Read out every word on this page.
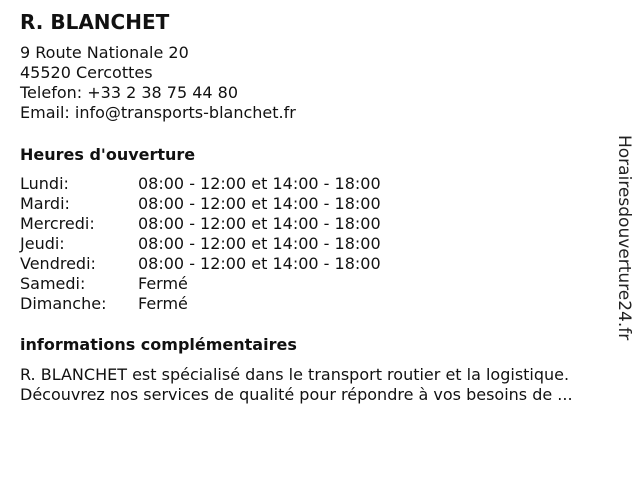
R. BLANCHET
9 Route Nationale 20
45520 Cercottes
Telefon: +33 2 38 75 44 80
Email: info@transports-blanchet.fr
Heures d'ouverture
Lundi:	08:00 - 12:00 et 14:00 - 18:00
Mardi:	08:00 - 12:00 et 14:00 - 18:00
Mercredi:	08:00 - 12:00 et 14:00 - 18:00
Jeudi:	08:00 - 12:00 et 14:00 - 18:00
Vendredi:	08:00 - 12:00 et 14:00 - 18:00
Samedi:	Fermé
Dimanche:	Fermé
informations complémentaires
R. BLANCHET est spécialisé dans le transport routier et la logistique.
Découvrez nos services de qualité pour répondre à vos besoins de ...
Horairesdouverture24.fr
